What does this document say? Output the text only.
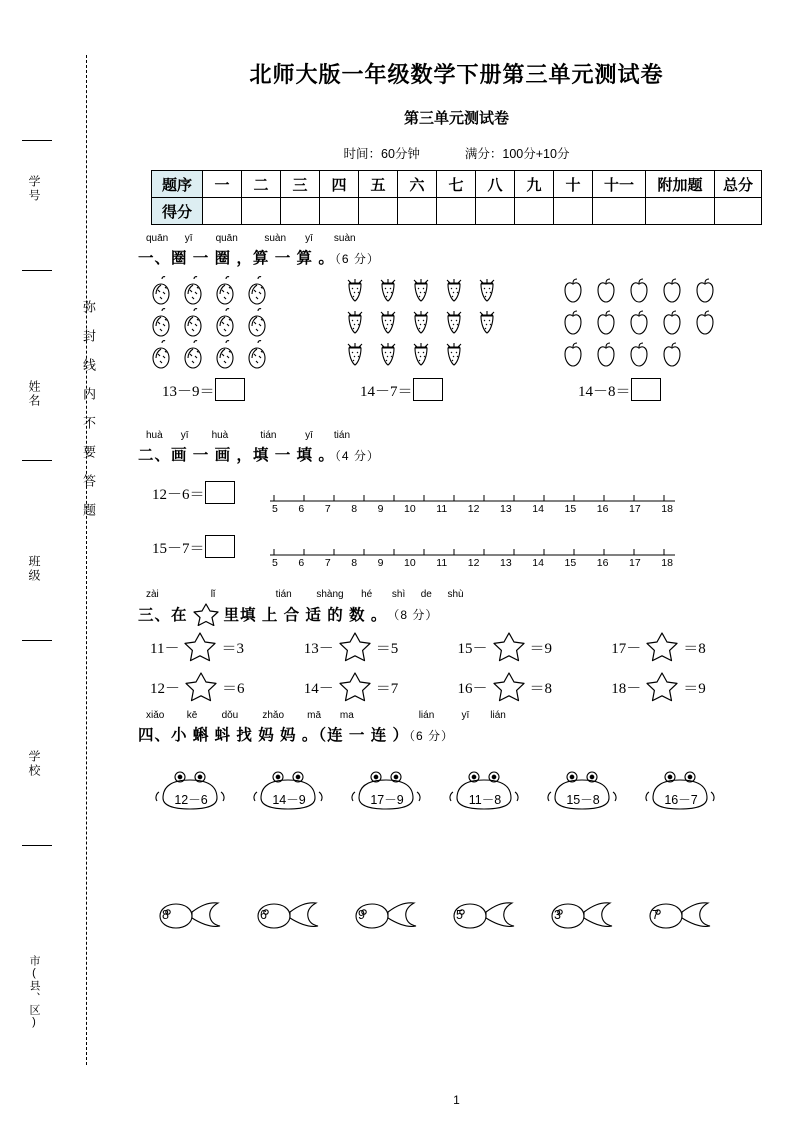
学号
姓名
班级
学校
市(县、区)
弥封线内不要答题
北师大版一年级数学下册第三单元测试卷
第三单元测试卷
时间：60分钟	满分：100分+10分
题序	一	二	三	四	五	六	七	八	九	十	十一	附加题	总分
得分													
quān yī quān	suàn yī suàn
一、圈 一 圈 ，算 一 算 。（6 分）
13－9＝	14－7＝	14－8＝
huà yī huà	tián	yī tián
二、画 一 画 ，填 一 填 。（4 分）
12－6＝
5 6 7 8 9 10 11 12 13 14 15 16 17 18
15－7＝
5 6 7 8 9 10 11 12 13 14 15 16 17 18
zài	lǐ	tián shàng hé shì de shù
三、在 里填 上 合 适 的 数 。 （8 分）
11－	＝3	13－	＝5	15－	＝9	17－	＝8
12－	＝6	14－	＝7	16－	＝8	18－	＝9
xiǎo kē dǒu zhǎo mā ma	lián	yī lián
四、小 蝌 蚪 找 妈 妈 。（连 一 连 ）（6 分）
12－6
	14－9
	17－9
	11－8
	15－8
	16－7
8
	6
	9
	5
	3
	7
1
